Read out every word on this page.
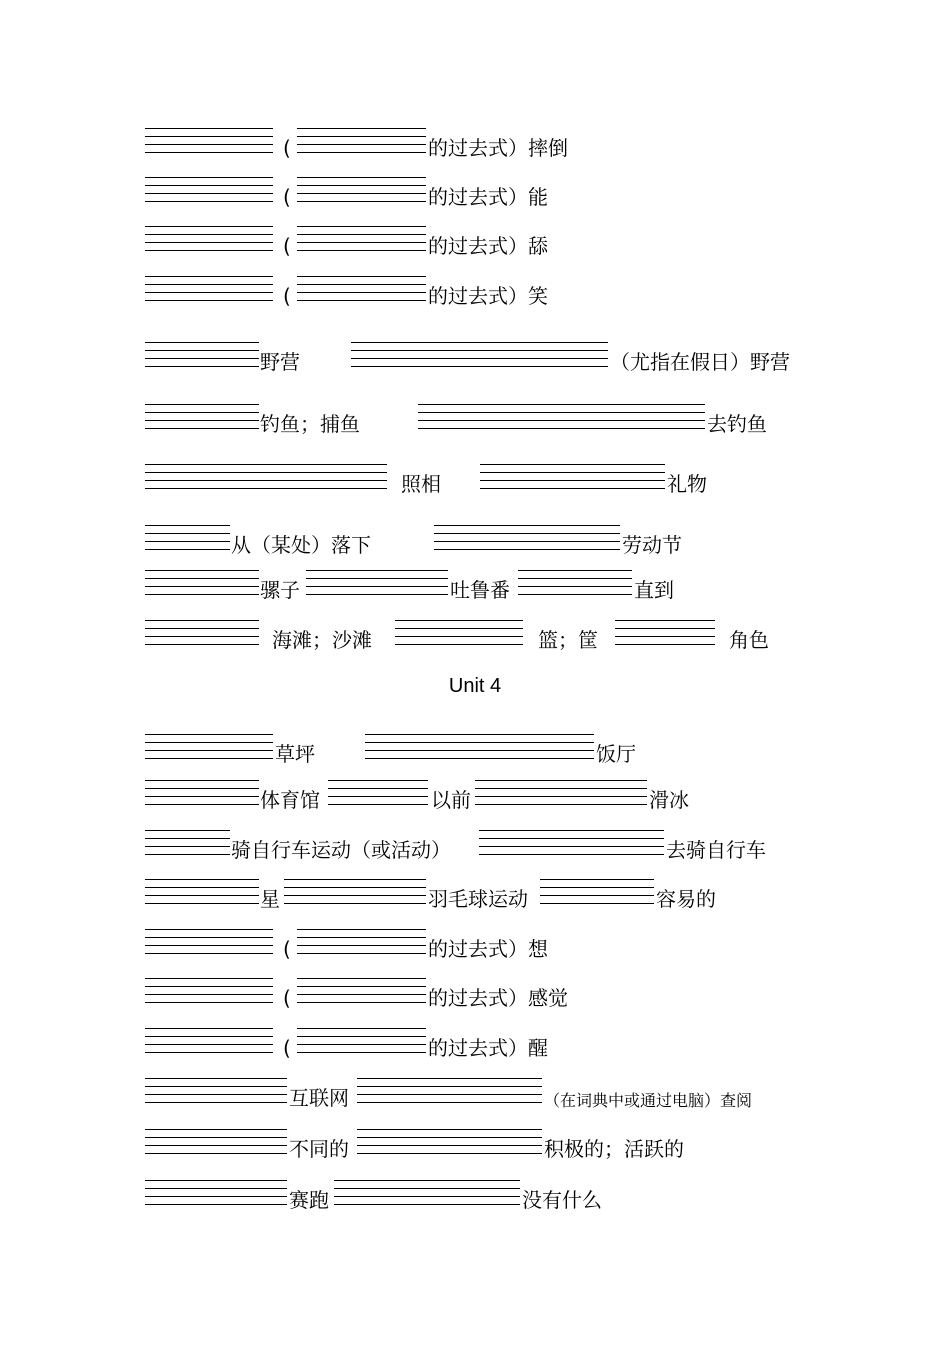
(	的过去式）摔倒
(	的过去式）能
(	的过去式）舔
(	的过去式）笑
野营	（尤指在假日）野营
钓鱼；捕鱼	去钓鱼
照相	礼物
从（某处）落下	劳动节
骡子	吐鲁番	直到
海滩；沙滩	篮；筐	角色
Unit 4
草坪	饭厅
体育馆	以前	滑冰
骑自行车运动（或活动）	去骑自行车
星	羽毛球运动	容易的
(	的过去式）想
(	的过去式）感觉
(	的过去式）醒
互联网	（在词典中或通过电脑）查阅
不同的	积极的；活跃的
赛跑	没有什么
